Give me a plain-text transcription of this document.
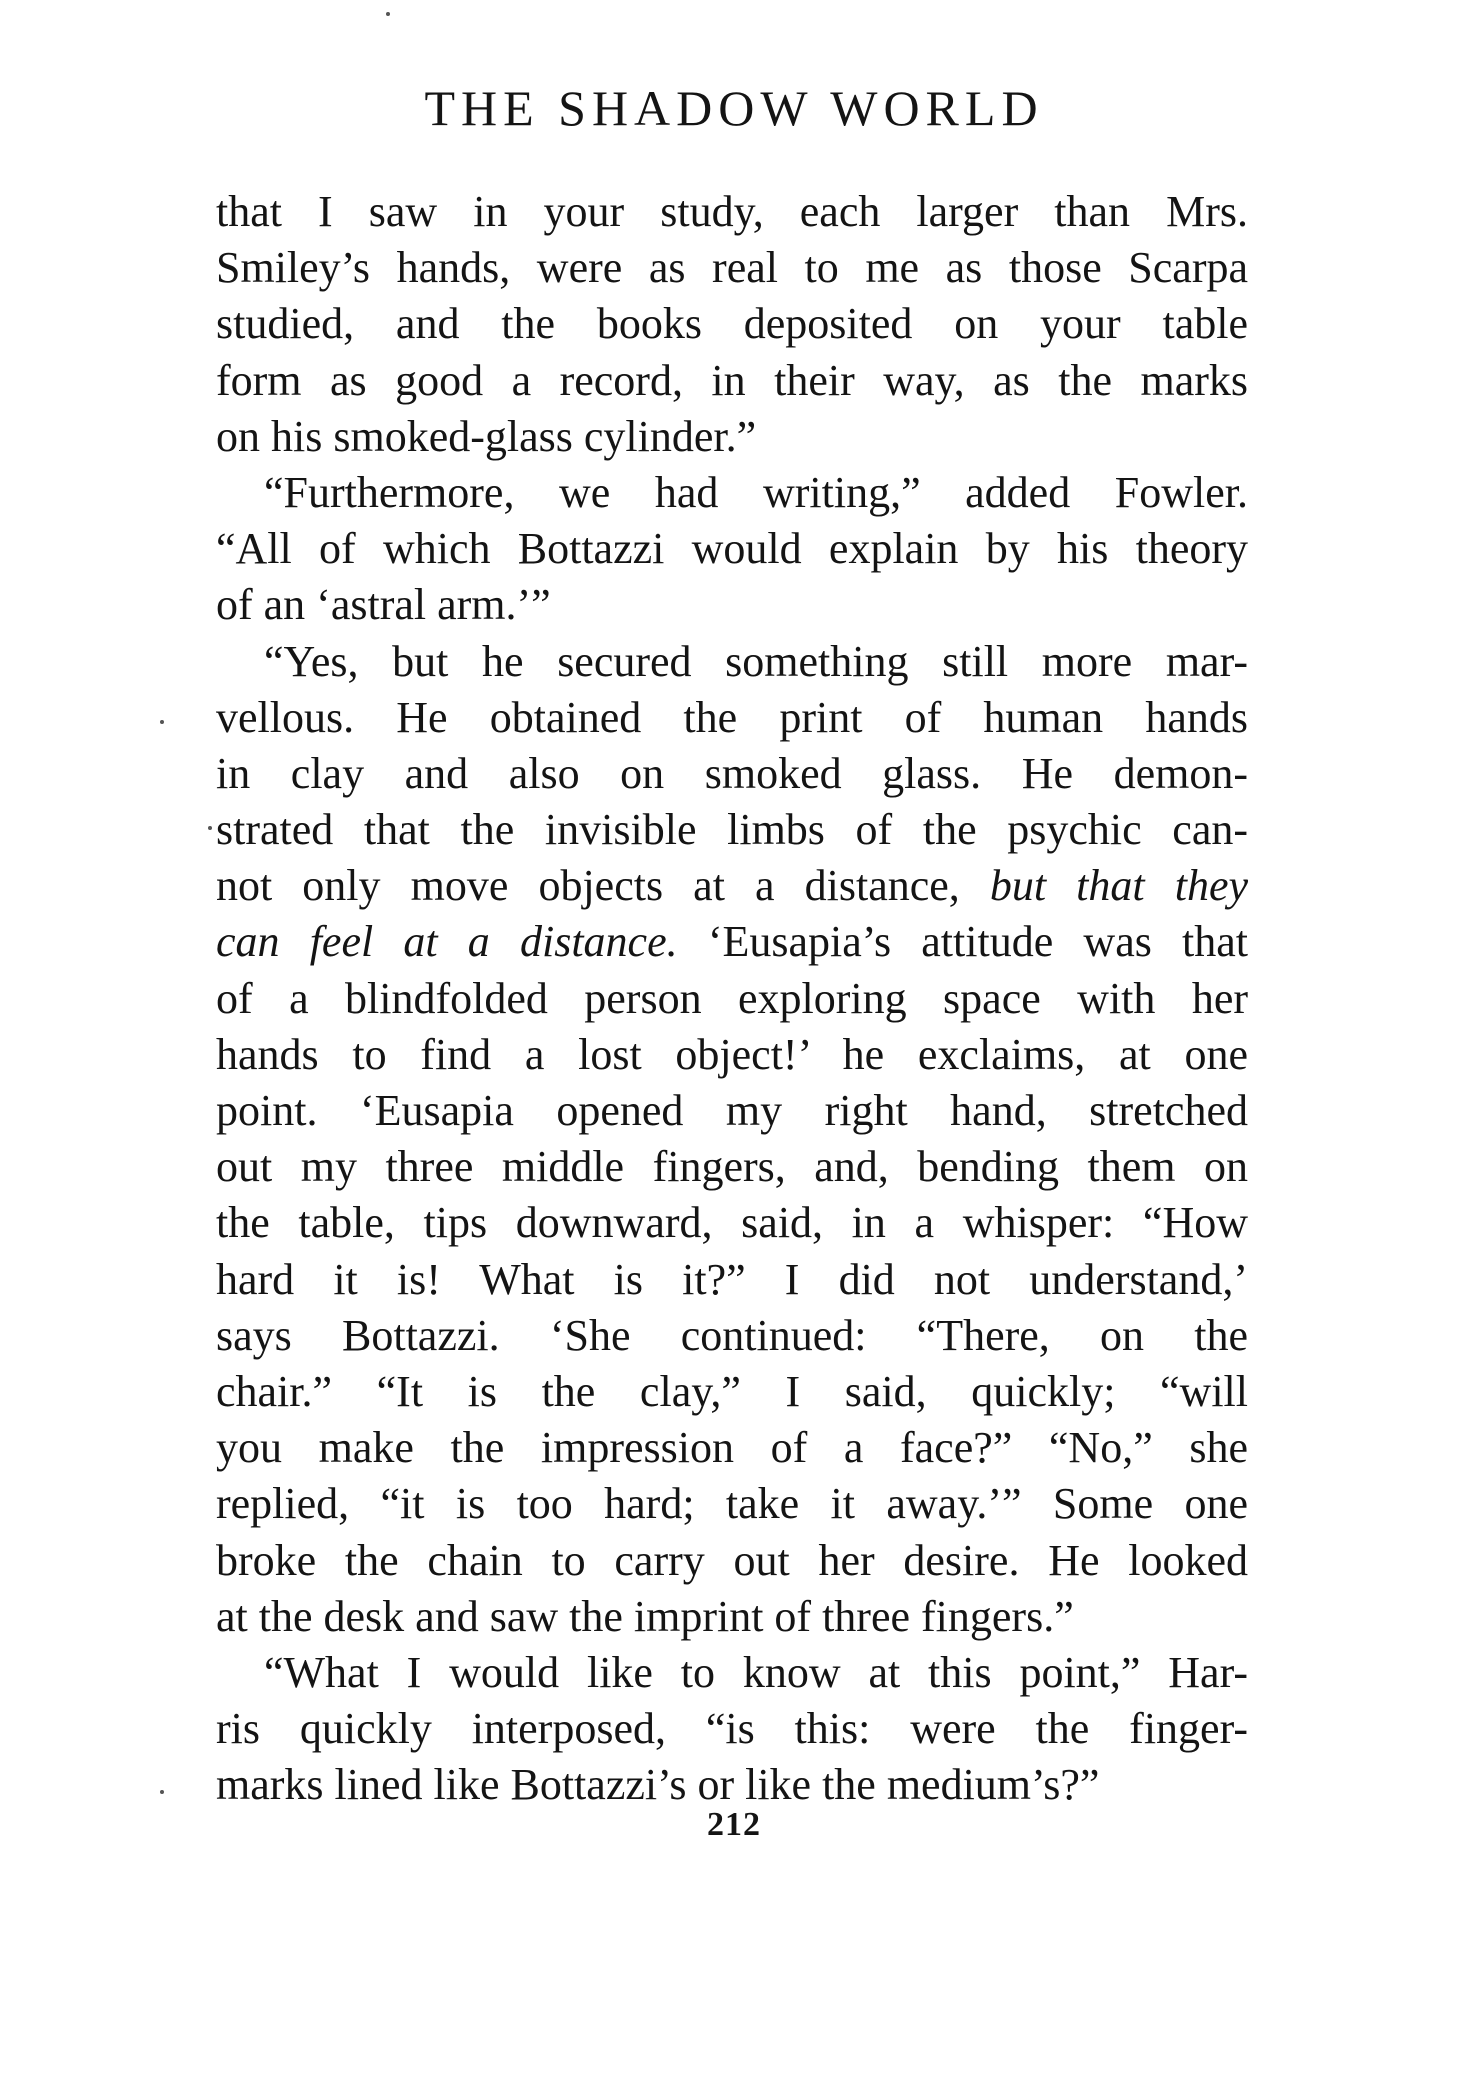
THE SHADOW WORLD
that I saw in your study, each larger than Mrs.
Smiley’s hands, were as real to me as those Scarpa
studied, and the books deposited on your table
form as good a record, in their way, as the marks
on his smoked-glass cylinder.”
“Furthermore, we had writing,” added Fowler.
“All of which Bottazzi would explain by his theory
of an ‘astral arm.’”
“Yes, but he secured something still more mar-
vellous. He obtained the print of human hands
in clay and also on smoked glass. He demon-
strated that the invisible limbs of the psychic can-
not only move objects at a distance, but that they
can feel at a distance. ‘Eusapia’s attitude was that
of a blindfolded person exploring space with her
hands to find a lost object!’ he exclaims, at one
point. ‘Eusapia opened my right hand, stretched
out my three middle fingers, and, bending them on
the table, tips downward, said, in a whisper: “How
hard it is! What is it?” I did not understand,’
says Bottazzi. ‘She continued: “There, on the
chair.” “It is the clay,” I said, quickly; “will
you make the impression of a face?” “No,” she
replied, “it is too hard; take it away.’” Some one
broke the chain to carry out her desire. He looked
at the desk and saw the imprint of three fingers.”
“What I would like to know at this point,” Har-
ris quickly interposed, “is this: were the finger-
marks lined like Bottazzi’s or like the medium’s?”
212
